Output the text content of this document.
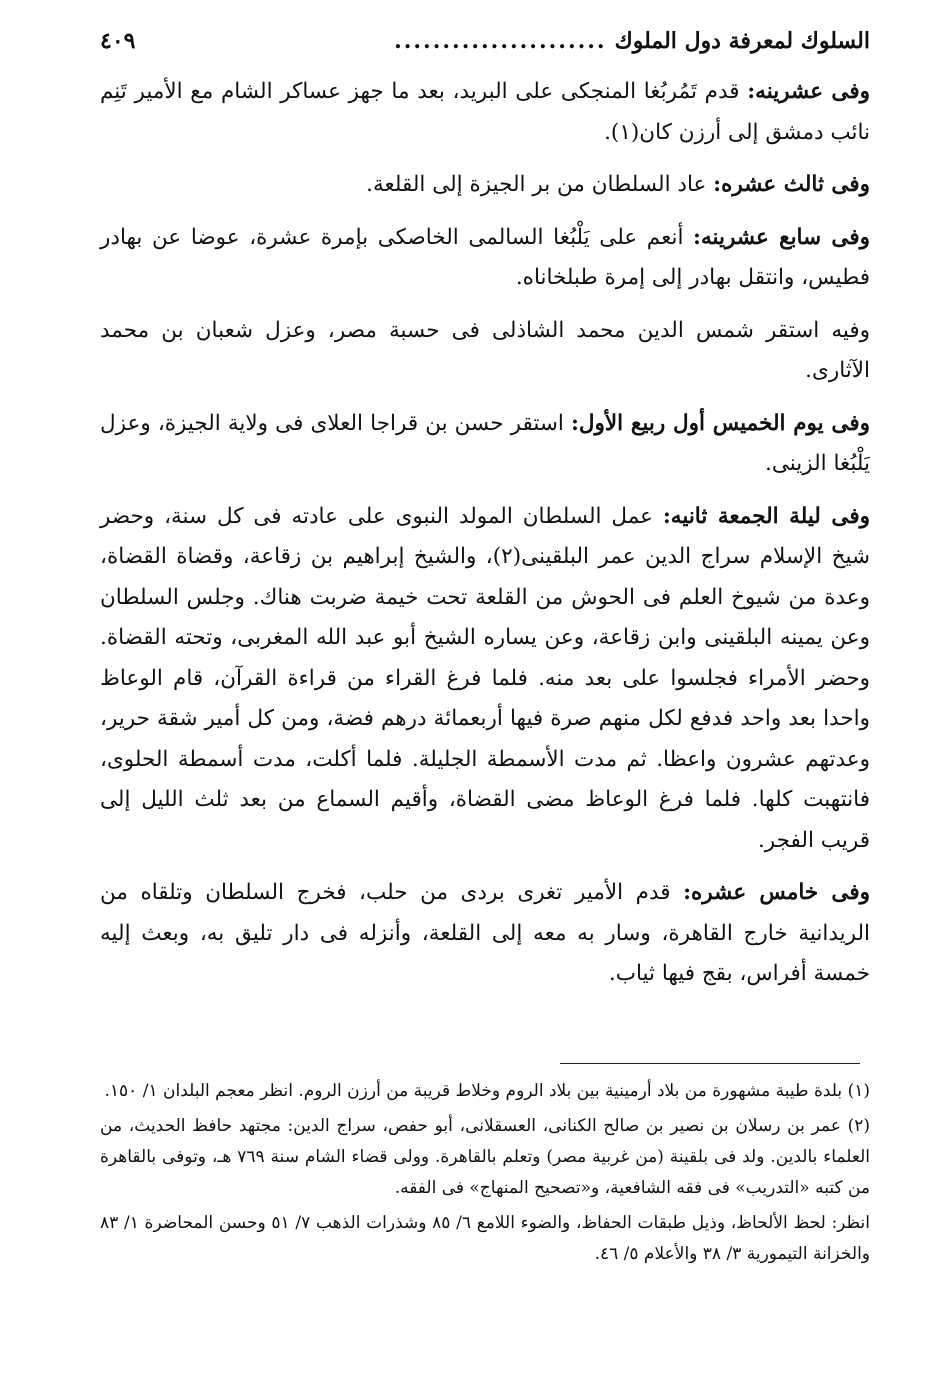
السلوك لمعرفة دول الملوك
......................
٤٠٩

وفى عشرينه: قدم تَمُربُغا المنجكى على البريد، بعد ما جهز عساكر الشام مع الأمير تَنِم نائب دمشق إلى أرزن كان(١).

وفى ثالث عشره: عاد السلطان من بر الجيزة إلى القلعة.

وفى سابع عشرينه: أنعم على يَلْبُغا السالمى الخاصكى بإمرة عشرة، عوضا عن بهادر فطيس، وانتقل بهادر إلى إمرة طبلخاناه.

وفيه استقر شمس الدين محمد الشاذلى فى حسبة مصر، وعزل شعبان بن محمد الآثارى.

وفى يوم الخميس أول ربيع الأول: استقر حسن بن قراجا العلاى فى ولاية الجيزة، وعزل يَلْبُغا الزينى.

وفى ليلة الجمعة ثانيه: عمل السلطان المولد النبوى على عادته فى كل سنة، وحضر شيخ الإسلام سراج الدين عمر البلقينى(٢)، والشيخ إبراهيم بن زقاعة، وقضاة القضاة، وعدة من شيوخ العلم فى الحوش من القلعة تحت خيمة ضربت هناك. وجلس السلطان وعن يمينه البلقينى وابن زقاعة، وعن يساره الشيخ أبو عبد الله المغربى، وتحته القضاة. وحضر الأمراء فجلسوا على بعد منه. فلما فرغ القراء من قراءة القرآن، قام الوعاظ واحدا بعد واحد فدفع لكل منهم صرة فيها أربعمائة درهم فضة، ومن كل أمير شقة حرير، وعدتهم عشرون واعظا. ثم مدت الأسمطة الجليلة. فلما أكلت، مدت أسمطة الحلوى، فانتهبت كلها. فلما فرغ الوعاظ مضى القضاة، وأقيم السماع من بعد ثلث الليل إلى قريب الفجر.

وفى خامس عشره: قدم الأمير تغرى بردى من حلب، فخرج السلطان وتلقاه من الريدانية خارج القاهرة، وسار به معه إلى القلعة، وأنزله فى دار تليق به، وبعث إليه خمسة أفراس، بقج فيها ثياب.

(١) بلدة طيبة مشهورة من بلاد أرمينية بين بلاد الروم وخلاط قريبة من أرزن الروم. انظر معجم البلدان ١/ ١٥٠.

(٢) عمر بن رسلان بن نصير بن صالح الكنانى، العسقلانى، أبو حفص، سراج الدين: مجتهد حافظ الحديث، من العلماء بالدين. ولد فى بلقينة (من غربية مصر) وتعلم بالقاهرة. وولى قضاء الشام سنة ٧٦٩ هـ، وتوفى بالقاهرة من كتبه «التدريب» فى فقه الشافعية، و«تصحيح المنهاج» فى الفقه.

انظر: لحظ الألحاظ، وذيل طبقات الحفاظ، والضوء اللامع ٦/ ٨٥ وشذرات الذهب ٧/ ٥١ وحسن المحاضرة ١/ ٨٣ والخزانة التيمورية ٣/ ٣٨ والأعلام ٥/ ٤٦.
